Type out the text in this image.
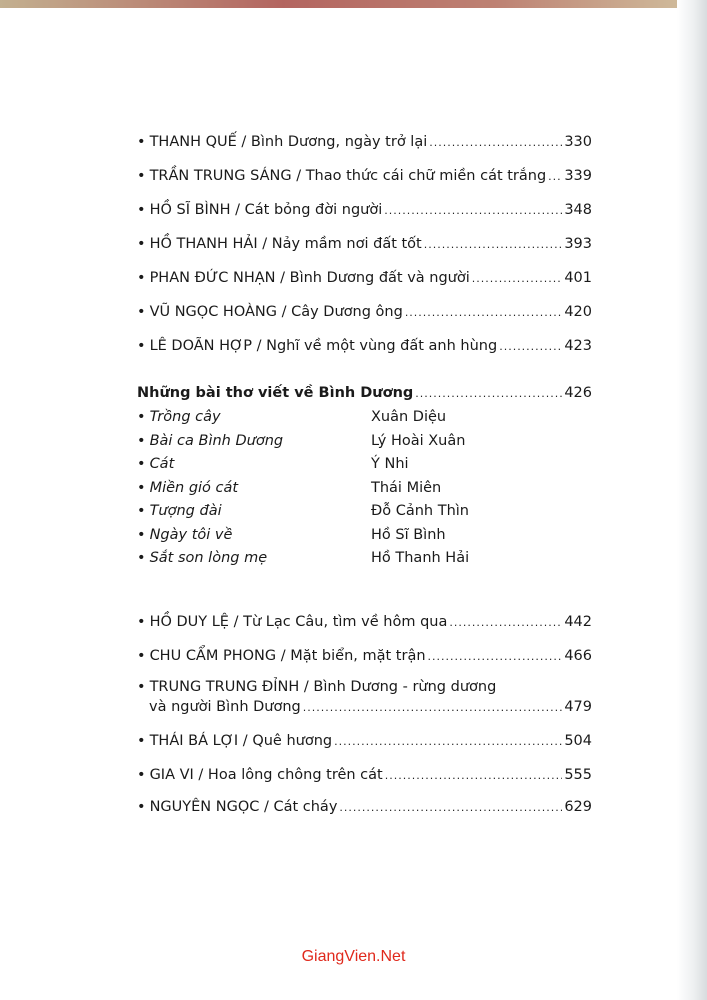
• THANH QUẾ / Bình Dương, ngày trở lại .....	330
• TRẦN TRUNG SÁNG / Thao thức cái chữ miền cát trắng ..... 339
• HỒ SĨ BÌNH / Cát bỏng đời người .....	348
• HỒ THANH HẢI / Nảy mầm nơi đất tốt .....	393
• PHAN ĐỨC NHẠN / Bình Dương đất và người .....	401
• VŨ NGỌC HOÀNG / Cây Dương ông .....	420
• LÊ DOÃN HỢP / Nghĩ về một vùng đất anh hùng .....	423
Những bài thơ viết về Bình Dương .....	426
• Trồng cây	Xuân Diệu
• Bài ca Bình Dương	Lý Hoài Xuân
• Cát	Ý Nhi
• Miền gió cát	Thái Miên
• Tượng đài	Đỗ Cảnh Thìn
• Ngày tôi về	Hồ Sĩ Bình
• Sắt son lòng mẹ	Hồ Thanh Hải
• HỒ DUY LỆ / Từ Lạc Câu, tìm về hôm qua .....	442
• CHU CẨM PHONG / Mặt biển, mặt trận .....	466
• TRUNG TRUNG ĐỈNH / Bình Dương - rừng dương
và người Bình Dương .....	479
• THÁI BÁ LỢI / Quê hương .....	504
• GIA VI / Hoa lông chông trên cát .....	555
• NGUYÊN NGỌC / Cát cháy .....	629
GiangVien.Net
